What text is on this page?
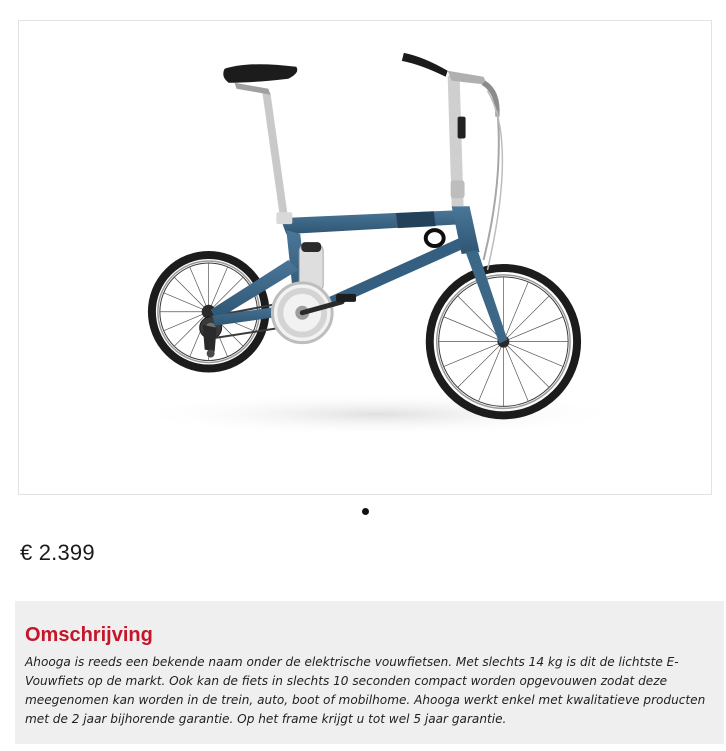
€ 2.399
Omschrijving

Ahooga is reeds een bekende naam onder de elektrische vouwfietsen. Met slechts 14 kg is dit de lichtste E-Vouwfiets op de markt. Ook kan de fiets in slechts 10 seconden compact worden opgevouwen zodat deze meegenomen kan worden in de trein, auto, boot of mobilhome. Ahooga werkt enkel met kwalitatieve producten met de 2 jaar bijhorende garantie. Op het frame krijgt u tot wel 5 jaar garantie.
